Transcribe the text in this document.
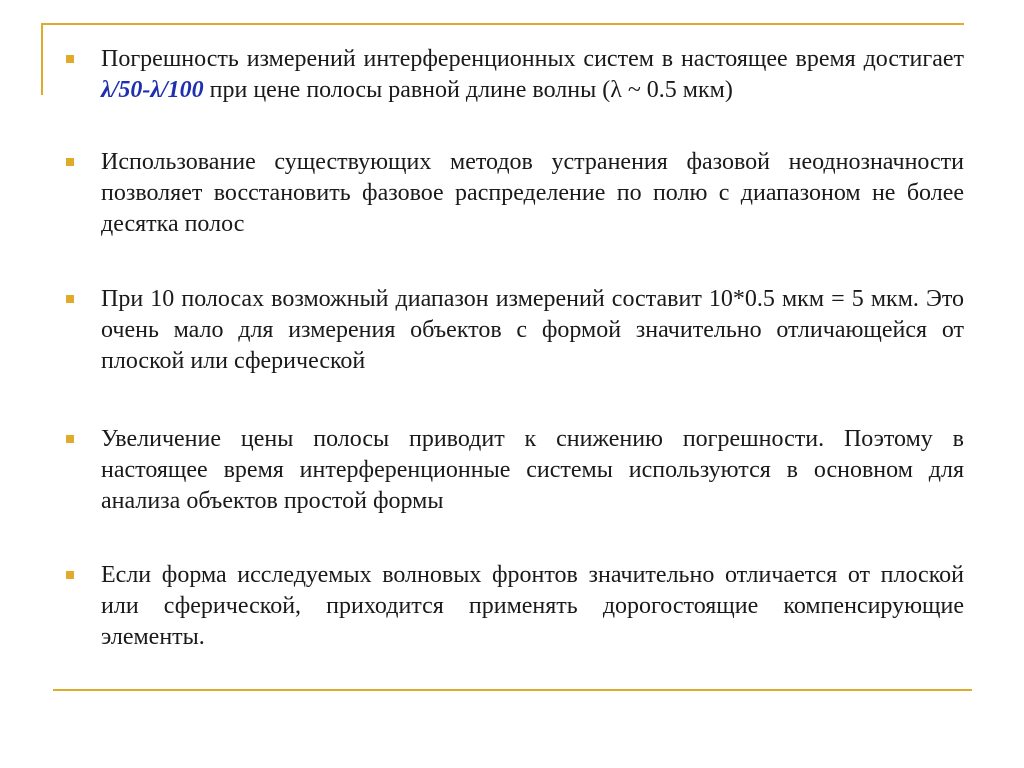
Погрешность измерений интерференционных систем в настоящее время достигает λ/50-λ/100 при цене полосы равной длине волны (λ ~ 0.5 мкм)
Использование существующих методов устранения фазовой неоднозначности позволяет восстановить фазовое распределение по полю с диапазоном не более десятка полос
При 10 полосах возможный диапазон измерений составит 10*0.5 мкм = 5 мкм. Это очень мало для измерения объектов с формой значительно отличающейся от плоской или сферической
Увеличение цены полосы приводит к снижению погрешности. Поэтому в настоящее время интерференционные системы используются в основном для анализа объектов простой формы
Если форма исследуемых волновых фронтов значительно отличается от плоской или сферической, приходится применять дорогостоящие компенсирующие элементы.
